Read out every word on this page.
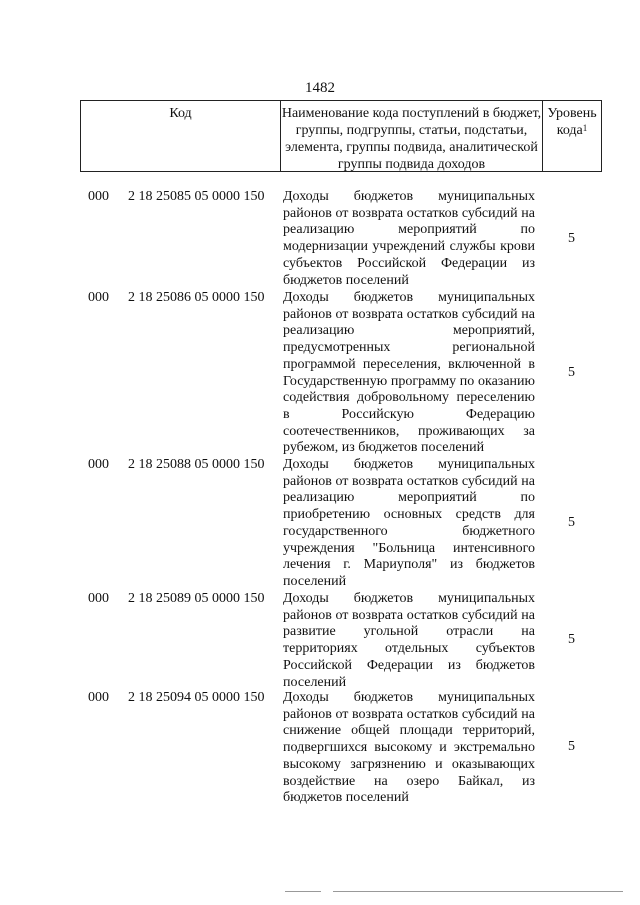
1482
Код	Наименование кода поступлений в бюджет, группы, подгруппы, статьи, подстатьи, элемента, группы подвида, аналитической группы подвида доходов
Уровень кода$^1$
000 2 18 25085 05 0000 150 Доходы бюджетов муниципальных районов от возврата остатков субсидий на реализацию мероприятий по модернизации учреждений службы крови субъектов Российской Федерации из бюджетов поселений
5
000 2 18 25086 05 0000 150 Доходы бюджетов муниципальных районов от возврата остатков субсидий на реализацию мероприятий, предусмотренных региональной программой переселения, включенной в Государственную программу по оказанию содействия добровольному переселению в Российскую Федерацию соотечественников, проживающих за рубежом, из бюджетов поселений
5
000 2 18 25088 05 0000 150 Доходы бюджетов муниципальных районов от возврата остатков субсидий на реализацию мероприятий по приобретению основных средств для государственного бюджетного учреждения "Больница интенсивного лечения г. Мариуполя" из бюджетов поселений
5
000 2 18 25089 05 0000 150 Доходы бюджетов муниципальных районов от возврата остатков субсидий на развитие угольной отрасли на территориях отдельных субъектов Российской Федерации из бюджетов поселений
5
000 2 18 25094 05 0000 150 Доходы бюджетов муниципальных районов от возврата остатков субсидий на снижение общей площади территорий, подвергшихся высокому и экстремально высокому загрязнению и оказывающих воздействие на озеро Байкал, из бюджетов поселений
5
